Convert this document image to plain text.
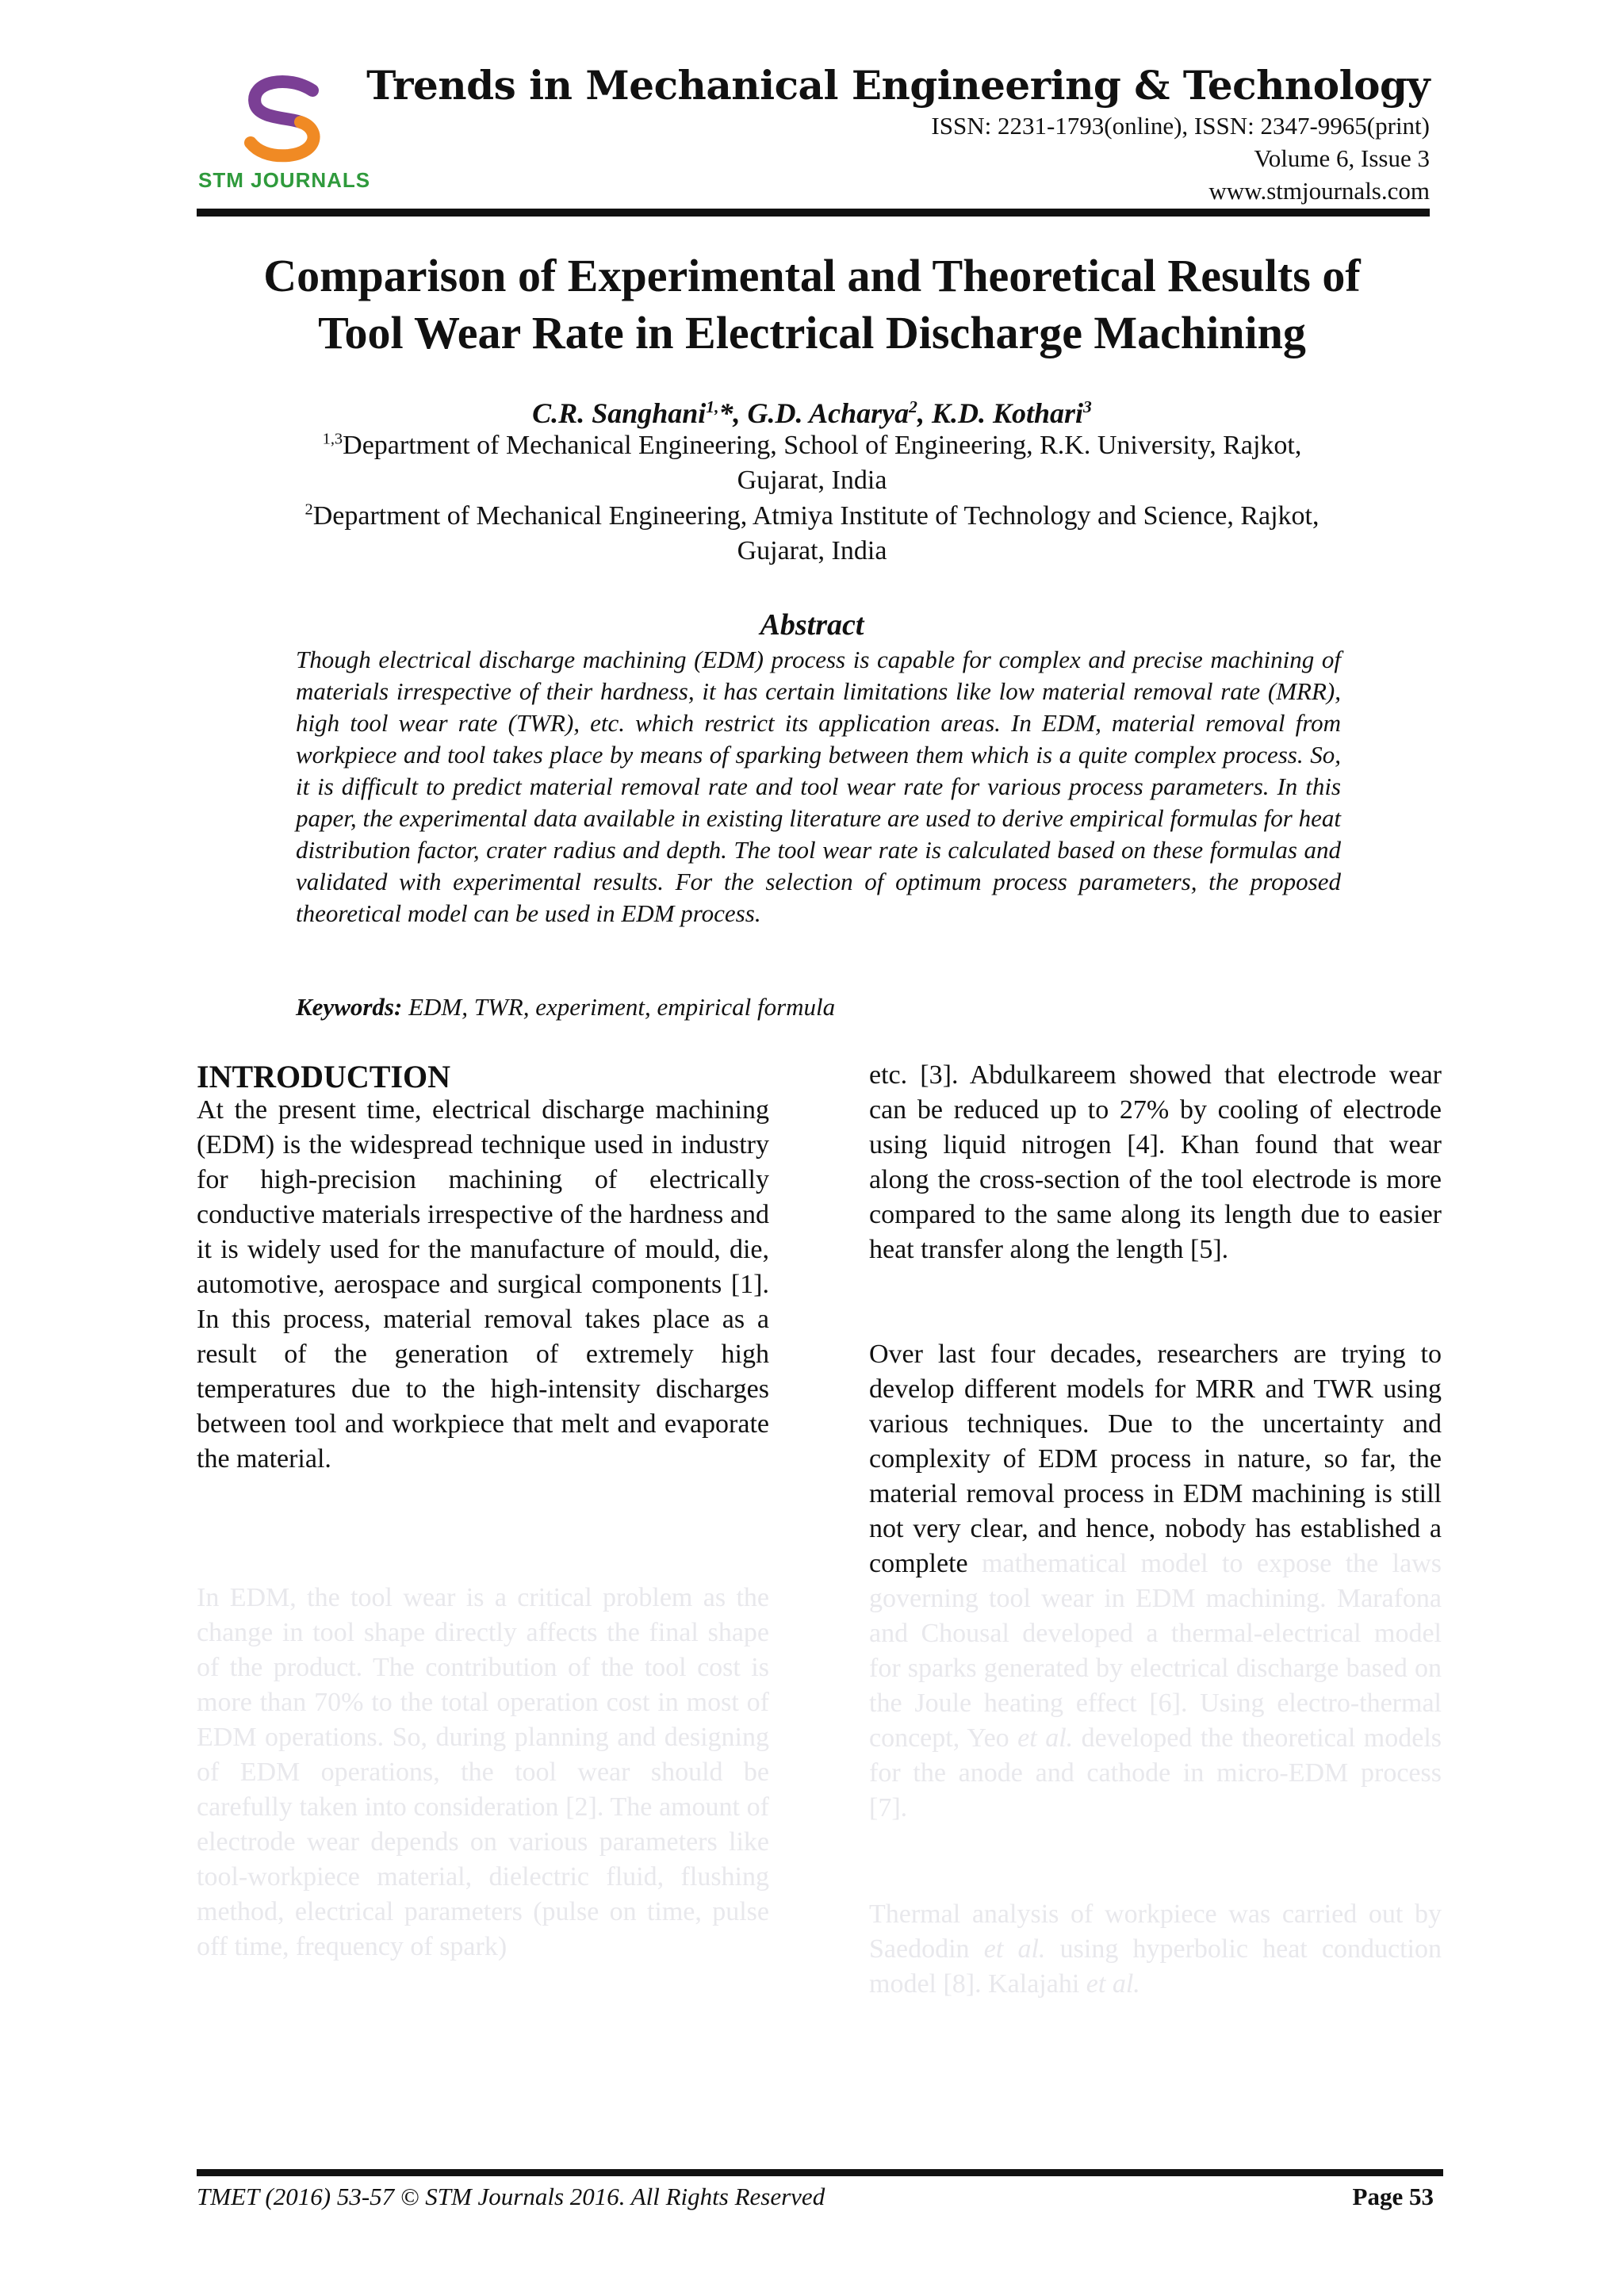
STM JOURNALS
Trends in Mechanical Engineering & Technology
ISSN: 2231-1793(online), ISSN: 2347-9965(print)
Volume 6, Issue 3
www.stmjournals.com
Comparison of Experimental and Theoretical Results of
Tool Wear Rate in Electrical Discharge Machining
C.R. Sanghani$^{1,}$*, G.D. Acharya$^2$, K.D. Kothari$^3$
$^{1,3}$Department of Mechanical Engineering, School of Engineering, R.K. University, Rajkot,
Gujarat, India
$^2$Department of Mechanical Engineering, Atmiya Institute of Technology and Science, Rajkot,
Gujarat, India
Abstract
Though electrical discharge machining (EDM) process is capable for complex and precise machining of materials irrespective of their hardness, it has certain limitations like low material removal rate (MRR), high tool wear rate (TWR), etc. which restrict its application areas. In EDM, material removal from workpiece and tool takes place by means of sparking between them which is a quite complex process. So, it is difficult to predict material removal rate and tool wear rate for various process parameters. In this paper, the experimental data available in existing literature are used to derive empirical formulas for heat distribution factor, crater radius and depth. The tool wear rate is calculated based on these formulas and validated with experimental results. For the selection of optimum process parameters, the proposed theoretical model can be used in EDM process.
Keywords: EDM, TWR, experiment, empirical formula
INTRODUCTION
At the present time, electrical discharge machining (EDM) is the widespread technique used in industry for high-precision machining of electrically conductive materials irrespective of the hardness and it is widely used for the manufacture of mould, die, automotive, aerospace and surgical components [1]. In this process, material removal takes place as a result of the generation of extremely high temperatures due to the high-intensity discharges between tool and workpiece that melt and evaporate the material.
In EDM, the tool wear is a critical problem as the change in tool shape directly affects the final shape of the product. The contribution of the tool cost is more than 70% to the total operation cost in most of EDM operations. So, during planning and designing of EDM operations, the tool wear should be carefully taken into consideration [2]. The amount of electrode wear depends on various parameters like tool-workpiece material, dielectric fluid, flushing method, electrical parameters (pulse on time, pulse off time, frequency of spark)
etc. [3]. Abdulkareem showed that electrode wear can be reduced up to 27% by cooling of electrode using liquid nitrogen [4]. Khan found that wear along the cross-section of the tool electrode is more compared to the same along its length due to easier heat transfer along the length [5].
Over last four decades, researchers are trying to develop different models for MRR and TWR using various techniques. Due to the uncertainty and complexity of EDM process in nature, so far, the material removal process in EDM machining is still not very clear, and hence, nobody has established a complete mathematical model to expose the laws governing tool wear in EDM machining. Marafona and Chousal developed a thermal-electrical model for sparks generated by electrical discharge based on the Joule heating effect [6]. Using electro-thermal concept, Yeo et al. developed the theoretical models for the anode and cathode in micro-EDM process [7].
Thermal analysis of workpiece was carried out by Saedodin et al. using hyperbolic heat conduction model [8]. Kalajahi et al.
TMET (2016) 53-57 © STM Journals 2016. All Rights Reserved	Page 53
